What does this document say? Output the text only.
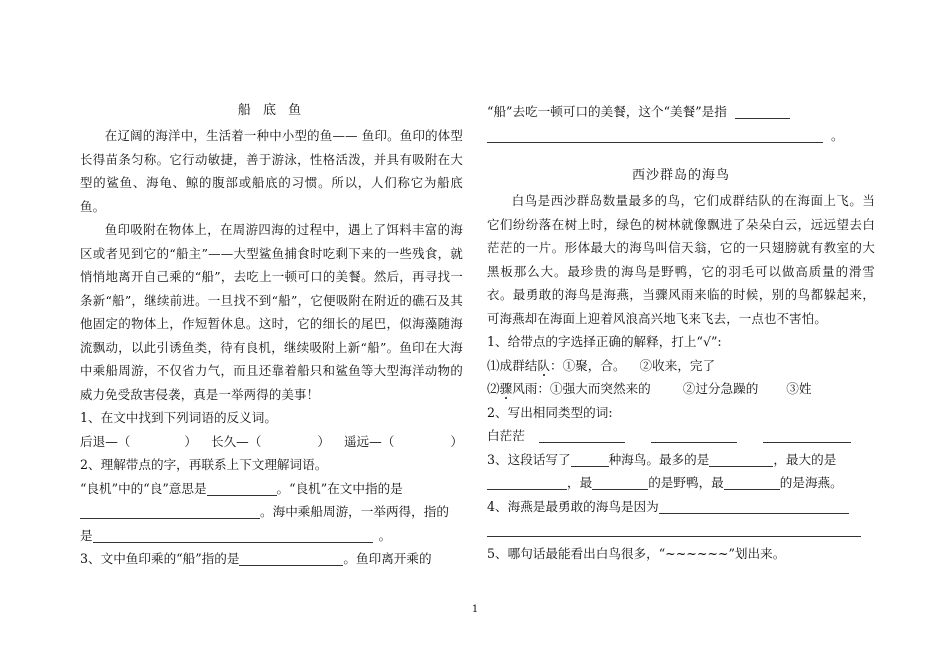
船 底 鱼

在辽阔的海洋中，生活着一种中小型的鱼—— 鱼印。鱼印的体型长得苗条匀称。它行动敏捷，善于游泳，性格活泼，并具有吸附在大型的鲨鱼、海龟、鲸的腹部或船底的习惯。所以，人们称它为船底鱼。

鱼印吸附在物体上，在周游四海的过程中，遇上了饵料丰富的海区或者见到它的“船主”——大型鲨鱼捕食时吃剩下来的一些残食，就悄悄地离开自己乘的“船”，去吃上一顿可口的美餐。然后，再寻找一条新“船”，继续前进。一旦找不到“船”，它便吸附在附近的礁石及其他固定的物体上，作短暂休息。这时，它的细长的尾巴，似海藻随海流飘动，以此引诱鱼类，待有良机，继续吸附上新“船”。鱼印在大海中乘船周游，不仅省力气，而且还靠着船只和鲨鱼等大型海洋动物的威力免受敌害侵袭，真是一举两得的美事！

1、在文中找到下列词语的反义词。

后退—（	） 长久—（	） 遥远—（	）

2、理解带点的字，再联系上下文理解词语。

“良机”中的“良”意思是	。“良机”在文中指的是

。海中乘船周游，一举两得，指的

是	。

3、文中鱼印乘的“船”指的是	。鱼印离开乘的

“船”去吃一顿可口的美餐，这个“美餐”是指

。

西沙群岛的海鸟

白鸟是西沙群岛数量最多的鸟，它们成群结队的在海面上飞。当它们纷纷落在树上时，绿色的树林就像飘进了朵朵白云，远远望去白茫茫的一片。形体最大的海鸟叫信天翁，它的一只翅膀就有教室的大黑板那么大。最珍贵的海鸟是野鸭，它的羽毛可以做高质量的滑雪衣。最勇敢的海鸟是海燕，当骤风雨来临的时候，别的鸟都躲起来，可海燕却在海面上迎着风浪高兴地飞来飞去，一点也不害怕。

1、给带点的字选择正确的解释，打上“√”:

⑴成群结队：①聚，合。 ②收来，完了

⑵骤风雨：①强大而突然来的	②过分急躁的 ③姓

2、写出相同类型的词:

白茫茫

3、这段话写了	种海鸟。最多的是	，最大的是

，最	的是野鸭，最	的是海燕。

4、海燕是最勇敢的海鸟是因为

5、哪句话最能看出白鸟很多，“~~~~~~”划出来。

1
